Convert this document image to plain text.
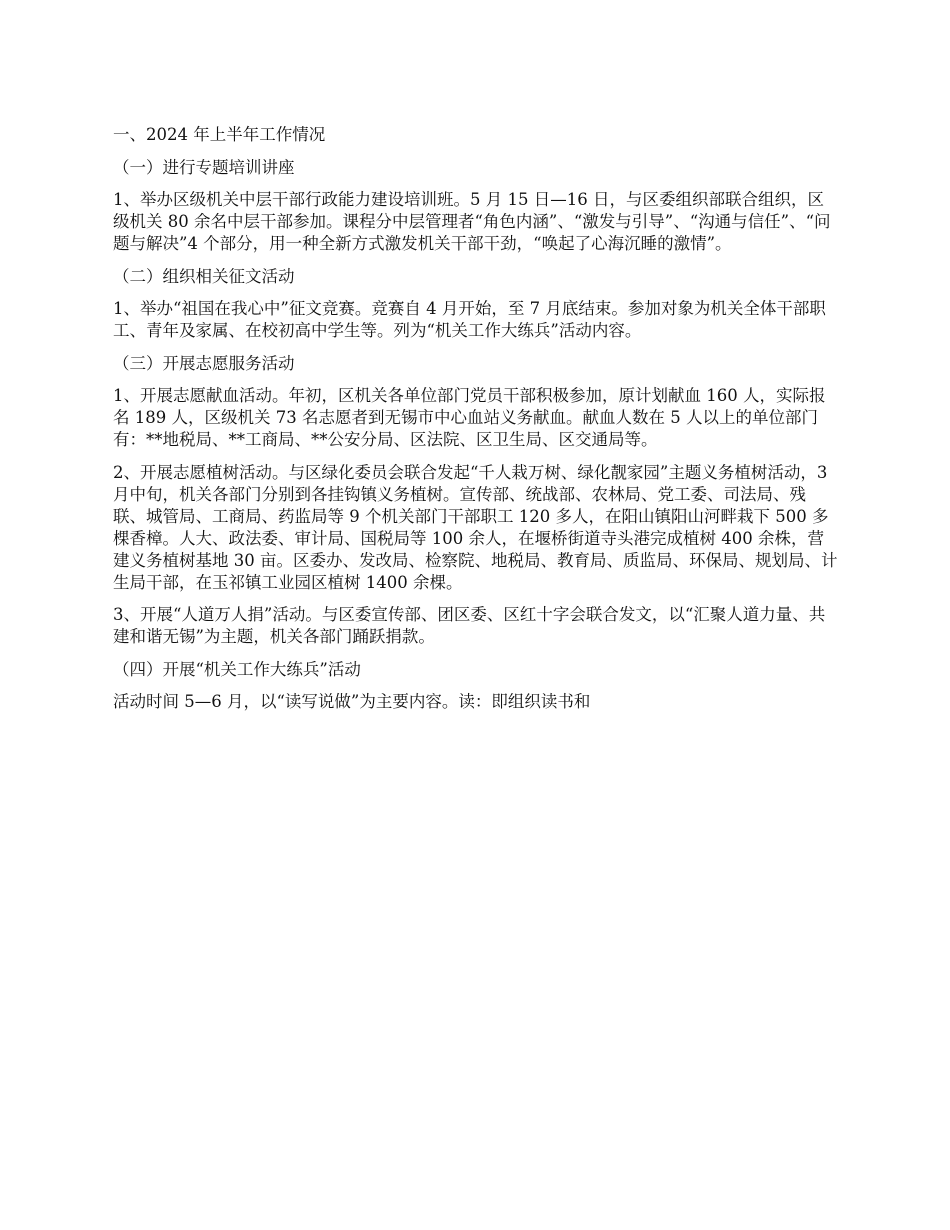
一、2024 年上半年工作情况

（一）进行专题培训讲座

1、举办区级机关中层干部行政能力建设培训班。5 月 15 日—16 日，与区委组织部联合组织，区级机关 80 余名中层干部参加。课程分中层管理者“角色内涵”、“激发与引导”、“沟通与信任”、“问题与解决”4 个部分，用一种全新方式激发机关干部干劲，“唤起了心海沉睡的激情”。

（二）组织相关征文活动

1、举办“祖国在我心中”征文竞赛。竞赛自 4 月开始，至 7 月底结束。参加对象为机关全体干部职工、青年及家属、在校初高中学生等。列为“机关工作大练兵”活动内容。

（三）开展志愿服务活动

1、开展志愿献血活动。年初，区机关各单位部门党员干部积极参加，原计划献血 160 人，实际报名 189 人，区级机关 73 名志愿者到无锡市中心血站义务献血。献血人数在 5 人以上的单位部门有：**地税局、**工商局、**公安分局、区法院、区卫生局、区交通局等。

2、开展志愿植树活动。与区绿化委员会联合发起“千人栽万树、绿化靓家园”主题义务植树活动，3 月中旬，机关各部门分别到各挂钩镇义务植树。宣传部、统战部、农林局、党工委、司法局、残联、城管局、工商局、药监局等 9 个机关部门干部职工 120 多人，在阳山镇阳山河畔栽下 500 多棵香樟。人大、政法委、审计局、国税局等 100 余人，在堰桥街道寺头港完成植树 400 余株，营建义务植树基地 30 亩。区委办、发改局、检察院、地税局、教育局、质监局、环保局、规划局、计生局干部，在玉祁镇工业园区植树 1400 余棵。

3、开展“人道万人捐”活动。与区委宣传部、团区委、区红十字会联合发文，以“汇聚人道力量、共建和谐无锡”为主题，机关各部门踊跃捐款。

（四）开展“机关工作大练兵”活动

活动时间 5—6 月，以“读写说做”为主要内容。读：即组织读书和
